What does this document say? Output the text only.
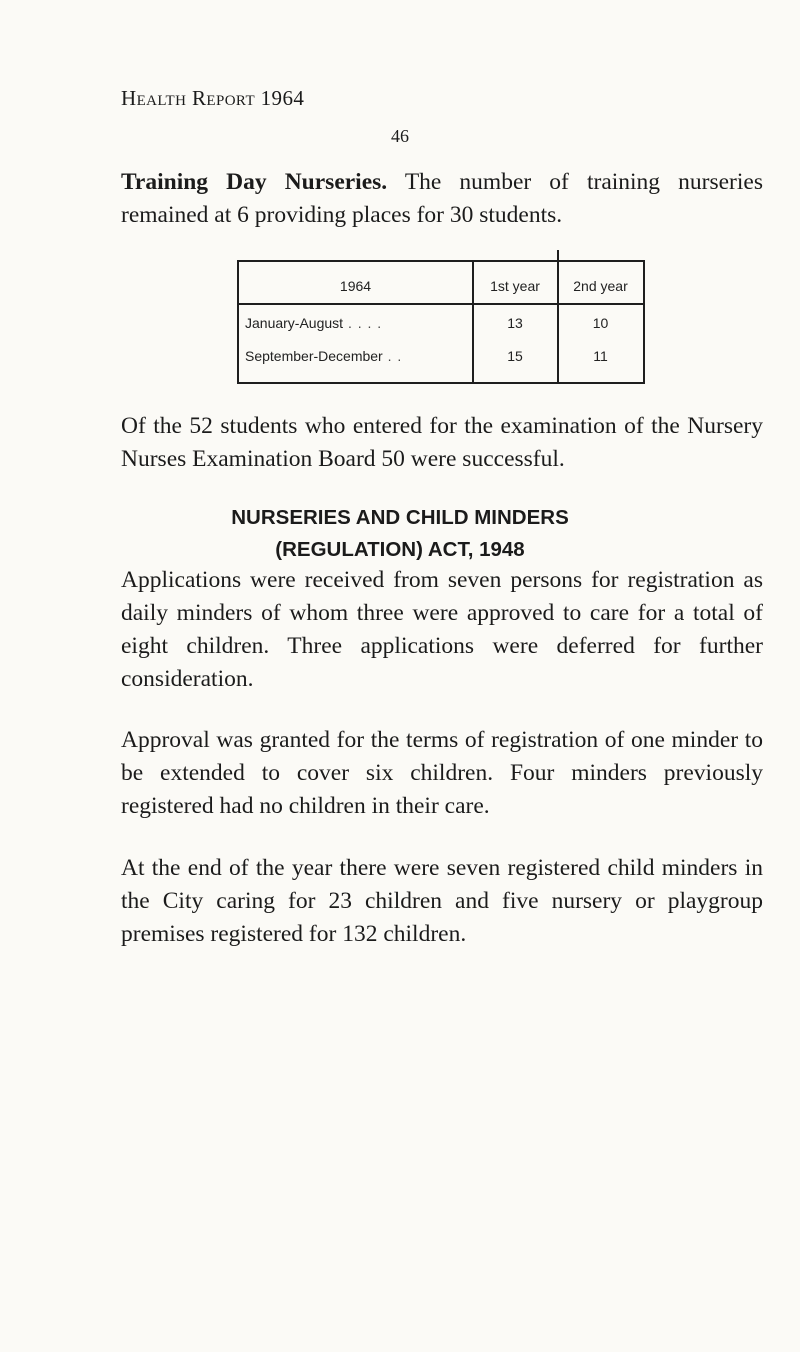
Health Report 1964
46

Training Day Nurseries. The number of training nurseries remained at 6 providing places for 30 students.

1964	1st year	2nd year
January-August . . . .	13	10
September-December . .	15	11

Of the 52 students who entered for the examination of the Nursery Nurses Examination Board 50 were successful.

NURSERIES AND CHILD MINDERS
(REGULATION) ACT, 1948

Applications were received from seven persons for registration as daily minders of whom three were approved to care for a total of eight children. Three applications were deferred for further consideration.

Approval was granted for the terms of registration of one minder to be extended to cover six children. Four minders previously registered had no children in their care.

At the end of the year there were seven registered child minders in the City caring for 23 children and five nursery or playgroup premises registered for 132 children.
